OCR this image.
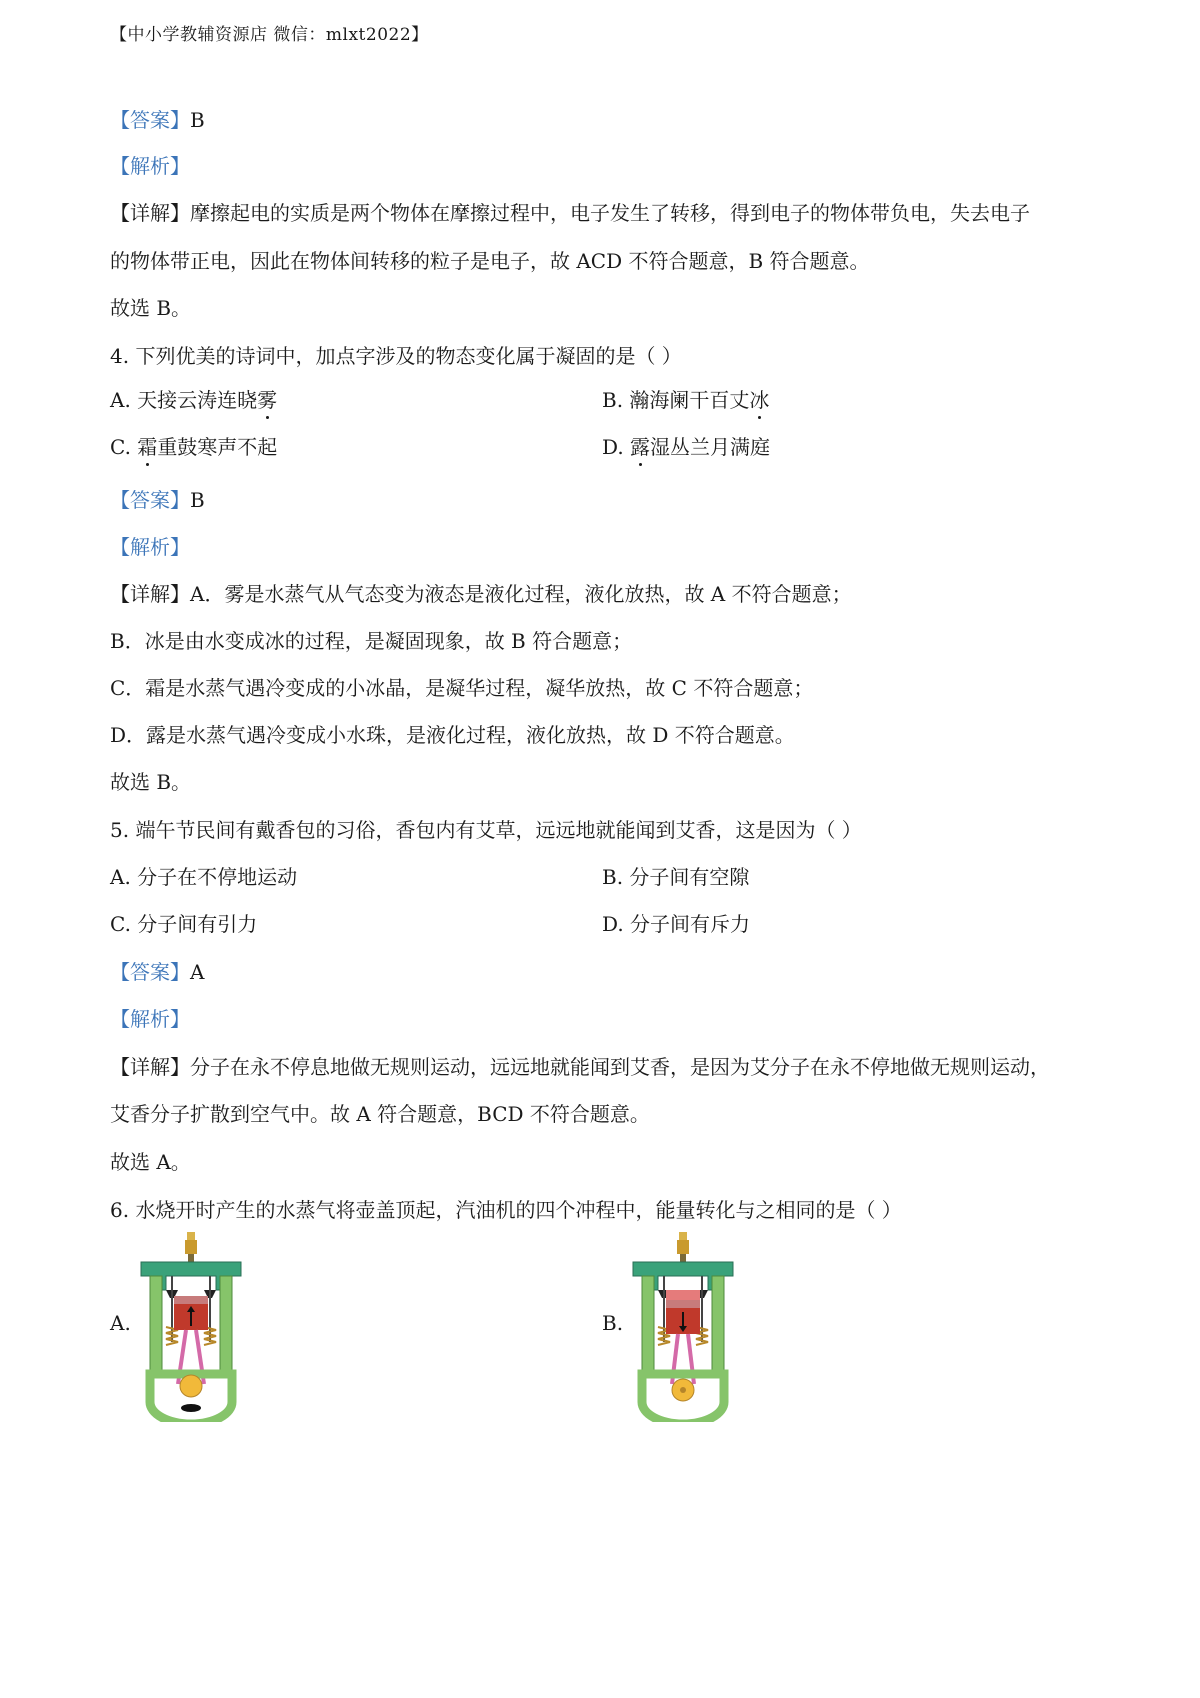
【中小学教辅资源店 微信：mlxt2022】
【答案】B
【解析】
【详解】摩擦起电的实质是两个物体在摩擦过程中，电子发生了转移，得到电子的物体带负电，失去电子
的物体带正电，因此在物体间转移的粒子是电子，故 ACD 不符合题意，B 符合题意。
故选 B。
4. 下列优美的诗词中，加点字涉及的物态变化属于凝固的是（ ）
A. 天接云涛连晓雾	B. 瀚海阑干百丈冰
C. 霜重鼓寒声不起	D. 露湿丛兰月满庭
【答案】B
【解析】
【详解】A．雾是水蒸气从气态变为液态是液化过程，液化放热，故 A 不符合题意；
B．冰是由水变成冰的过程，是凝固现象，故 B 符合题意；
C．霜是水蒸气遇冷变成的小冰晶，是凝华过程，凝华放热，故 C 不符合题意；
D．露是水蒸气遇冷变成小水珠，是液化过程，液化放热，故 D 不符合题意。
故选 B。
5. 端午节民间有戴香包的习俗，香包内有艾草，远远地就能闻到艾香，这是因为（ ）
A. 分子在不停地运动	B. 分子间有空隙
C. 分子间有引力	D. 分子间有斥力
【答案】A
【解析】
【详解】分子在永不停息地做无规则运动，远远地就能闻到艾香，是因为艾分子在永不停地做无规则运动，
艾香分子扩散到空气中。故 A 符合题意，BCD 不符合题意。
故选 A。
6. 水烧开时产生的水蒸气将壶盖顶起，汽油机的四个冲程中，能量转化与之相同的是（ ）
A.	B.
